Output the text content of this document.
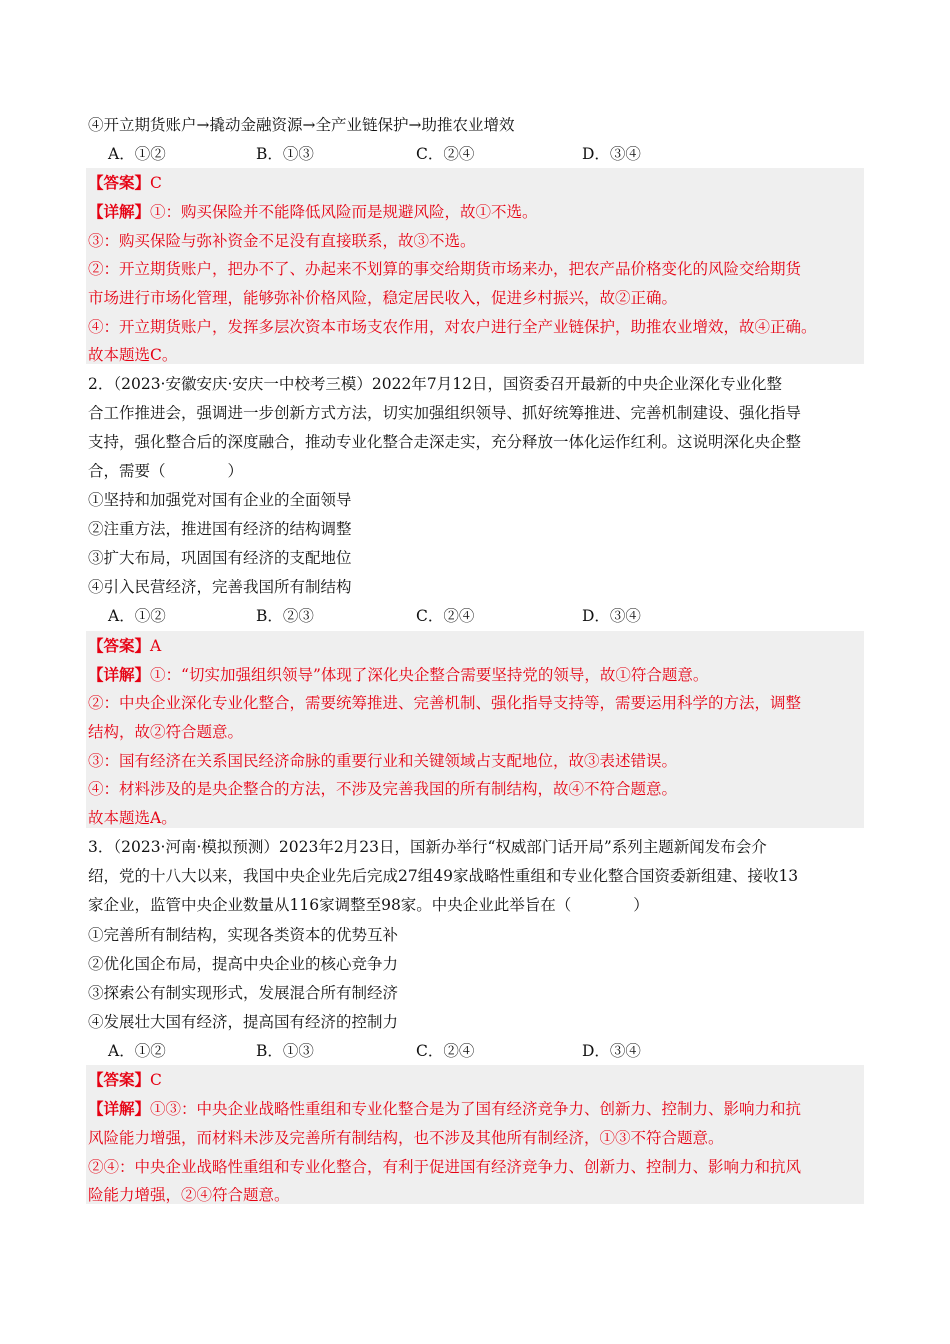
④开立期货账户→撬动金融资源→全产业链保护→助推农业增效
A．①②	B．①③	C．②④	D．③④
【答案】C
【详解】①：购买保险并不能降低风险而是规避风险，故①不选。
③：购买保险与弥补资金不足没有直接联系，故③不选。
②：开立期货账户，把办不了、办起来不划算的事交给期货市场来办，把农产品价格变化的风险交给期货
市场进行市场化管理，能够弥补价格风险，稳定居民收入，促进乡村振兴，故②正确。
④：开立期货账户，发挥多层次资本市场支农作用，对农户进行全产业链保护，助推农业增效，故④正确。
故本题选C。
2．（2023·安徽安庆·安庆一中校考三模）2022年7月12日，国资委召开最新的中央企业深化专业化整
合工作推进会，强调进一步创新方式方法，切实加强组织领导、抓好统筹推进、完善机制建设、强化指导
支持，强化整合后的深度融合，推动专业化整合走深走实，充分释放一体化运作红利。这说明深化央企整
合，需要（　　　　）
①坚持和加强党对国有企业的全面领导
②注重方法，推进国有经济的结构调整
③扩大布局，巩固国有经济的支配地位
④引入民营经济，完善我国所有制结构
A．①②	B．②③	C．②④	D．③④
【答案】A
【详解】①：“切实加强组织领导”体现了深化央企整合需要坚持党的领导，故①符合题意。
②：中央企业深化专业化整合，需要统筹推进、完善机制、强化指导支持等，需要运用科学的方法，调整
结构，故②符合题意。
③：国有经济在关系国民经济命脉的重要行业和关键领域占支配地位，故③表述错误。
④：材料涉及的是央企整合的方法，不涉及完善我国的所有制结构，故④不符合题意。
故本题选A。
3．（2023·河南·模拟预测）2023年2月23日，国新办举行“权威部门话开局”系列主题新闻发布会介
绍，党的十八大以来，我国中央企业先后完成27组49家战略性重组和专业化整合国资委新组建、接收13
家企业，监管中央企业数量从116家调整至98家。中央企业此举旨在（　　　　）
①完善所有制结构，实现各类资本的优势互补
②优化国企布局，提高中央企业的核心竞争力
③探索公有制实现形式，发展混合所有制经济
④发展壮大国有经济，提高国有经济的控制力
A．①②	B．①③	C．②④	D．③④
【答案】C
【详解】①③：中央企业战略性重组和专业化整合是为了国有经济竞争力、创新力、控制力、影响力和抗
风险能力增强，而材料未涉及完善所有制结构，也不涉及其他所有制经济，①③不符合题意。
②④：中央企业战略性重组和专业化整合，有利于促进国有经济竞争力、创新力、控制力、影响力和抗风
险能力增强，②④符合题意。
